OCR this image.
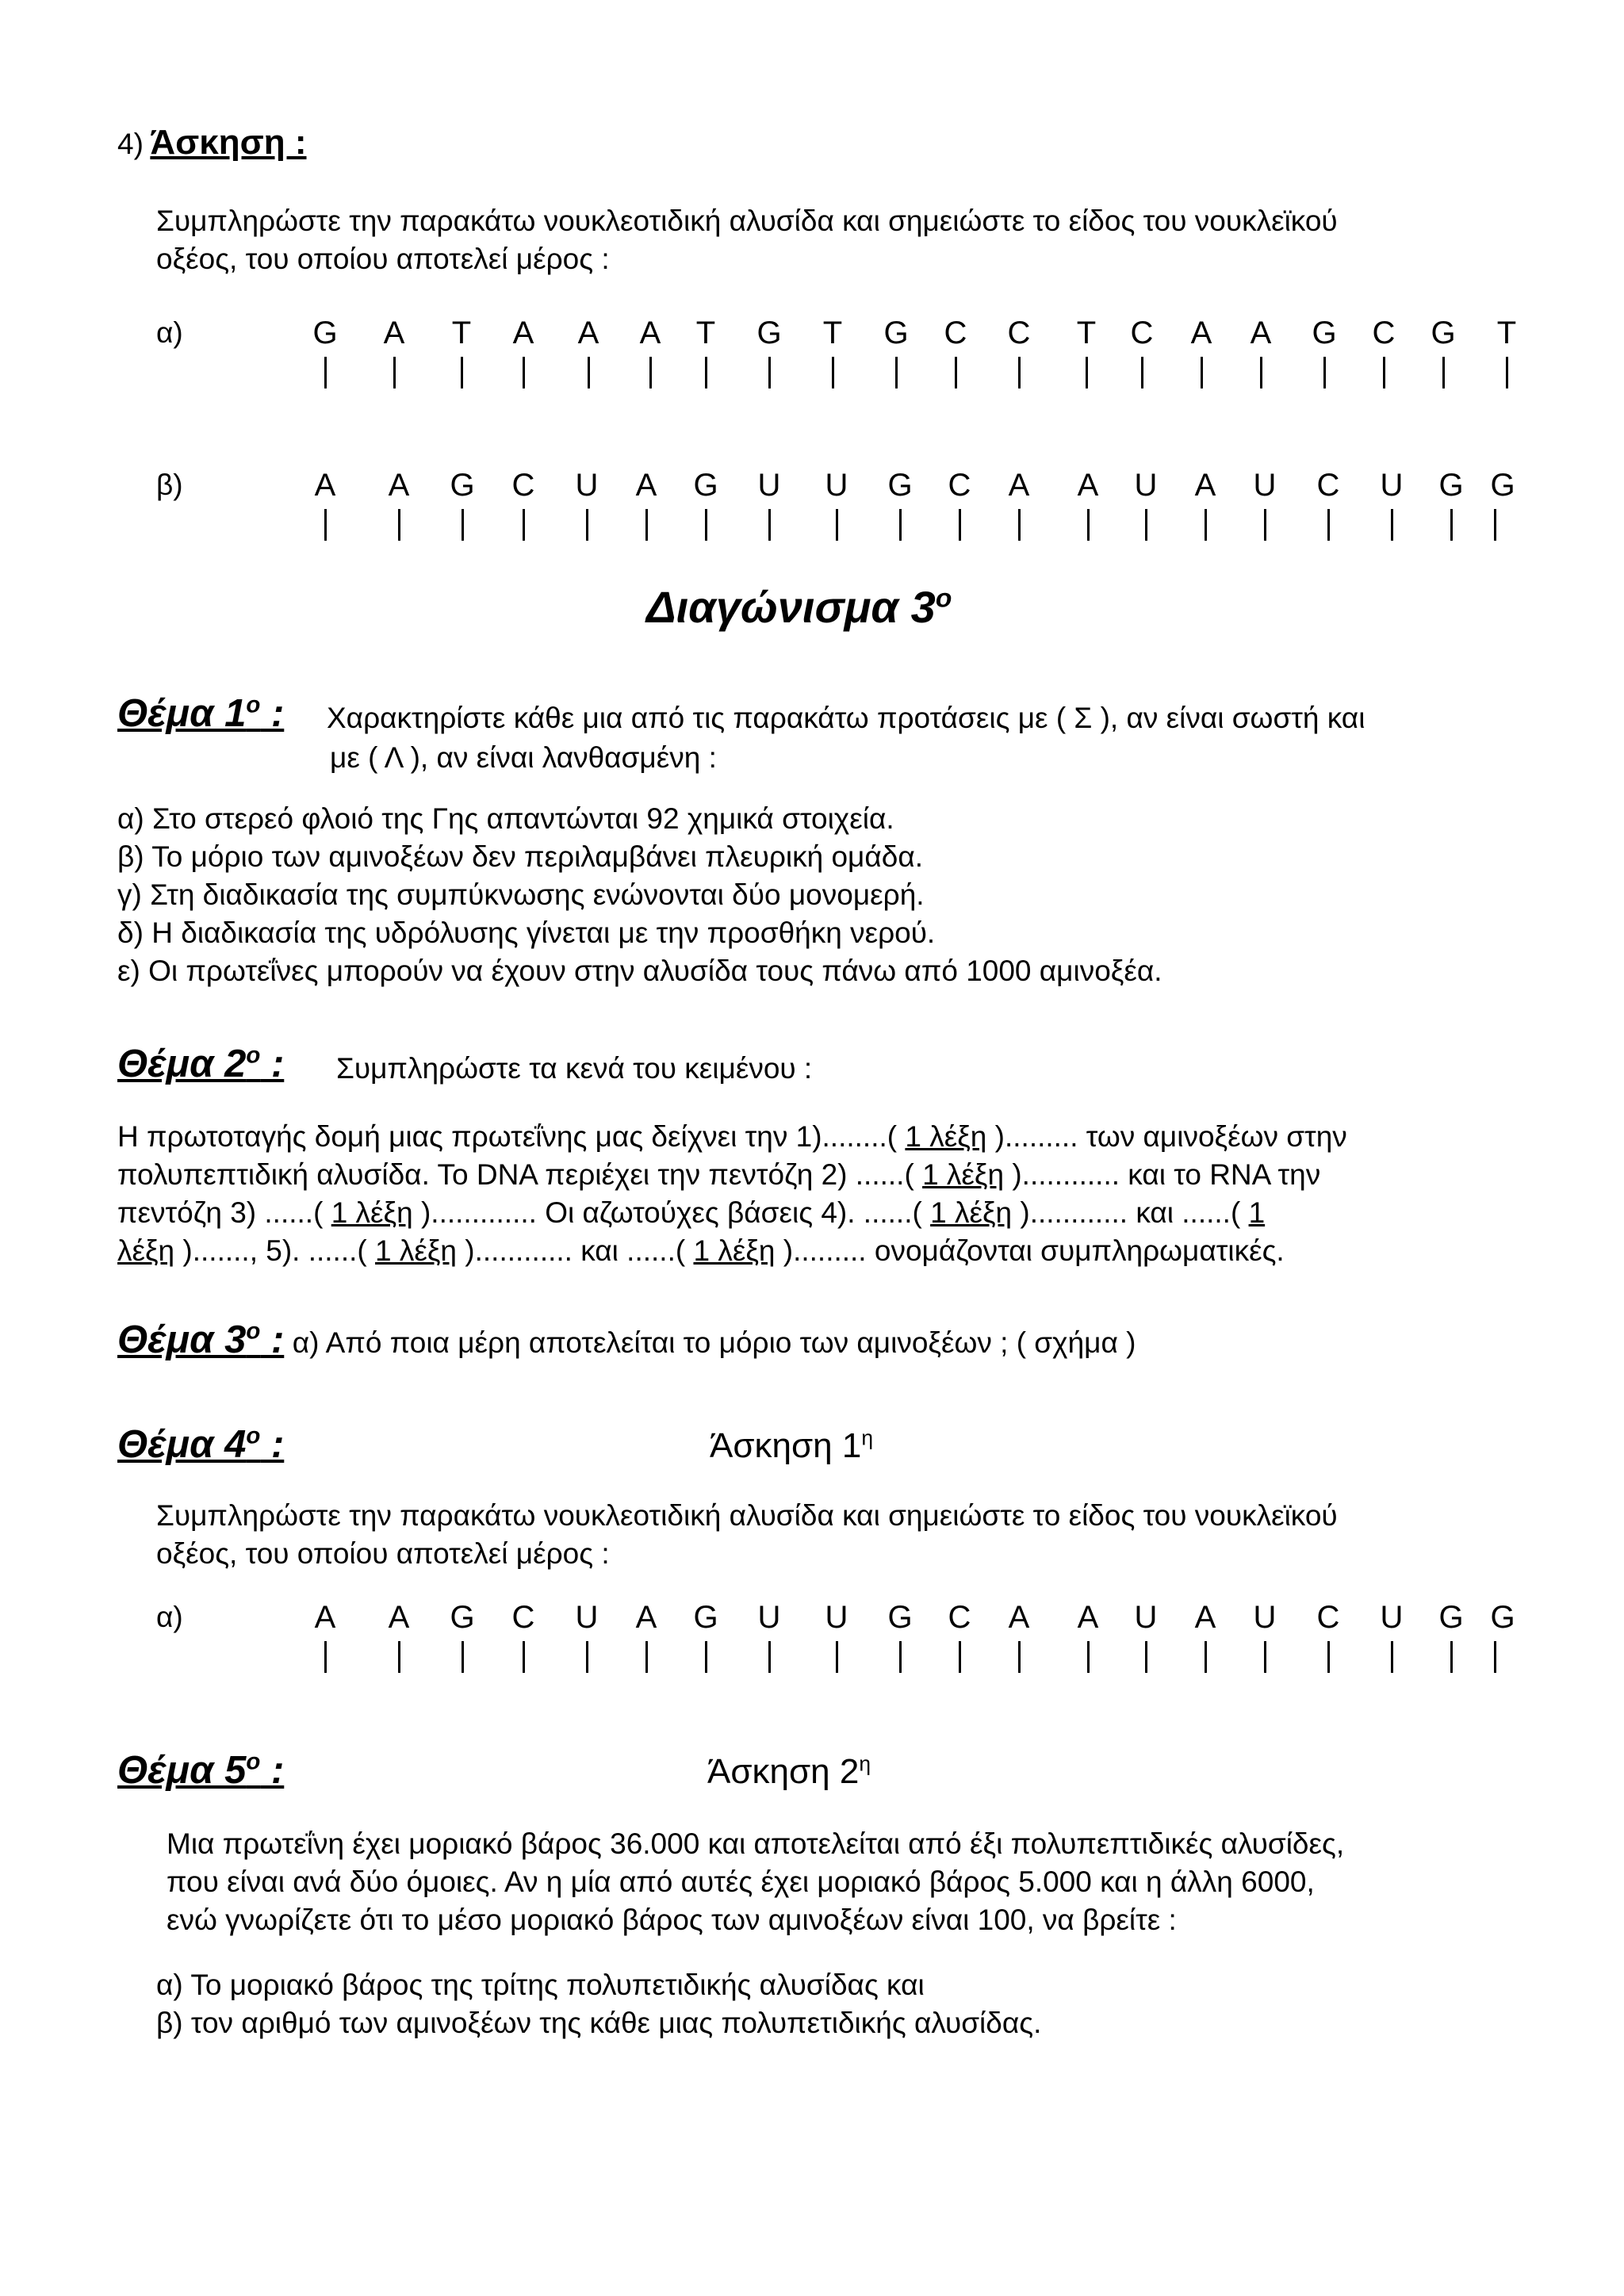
4) Άσκηση :
Συμπληρώστε την παρακάτω νουκλεοτιδική αλυσίδα και σημειώστε το είδος του νουκλεϊκού
οξέος, του οποίου αποτελεί μέρος :
α)	G A T A A A T G T G C C T C A A G C G T
β)	A A G C U A G U U G C A A U A U C U G G
Διαγώνισμα $3^o$
Θέμα $1^o$ : Χαρακτηρίστε κάθε μια από τις παρακάτω προτάσεις με ( Σ ), αν είναι σωστή και
με ( Λ ), αν είναι λανθασμένη :
α) Στο στερεό φλοιό της Γης απαντώνται 92 χημικά στοιχεία.
β) Το μόριο των αμινοξέων δεν περιλαμβάνει πλευρική ομάδα.
γ) Στη διαδικασία της συμπύκνωσης ενώνονται δύο μονομερή.
δ) Η διαδικασία της υδρόλυσης γίνεται με την προσθήκη νερού.
ε) Οι πρωτεΐνες μπορούν να έχουν στην αλυσίδα τους πάνω από 1000 αμινοξέα.
Θέμα $2^o$ : Συμπληρώστε τα κενά του κειμένου :
Η πρωτοταγής δομή μιας πρωτεΐνης μας δείχνει την 1)........( 1 λέξη )......... των αμινοξέων στην
πολυπεπτιδική αλυσίδα. Το DNA περιέχει την πεντόζη 2) ......( 1 λέξη )............ και το RNA την
πεντόζη 3) ......( 1 λέξη )............. Οι αζωτούχες βάσεις 4). ......( 1 λέξη )............ και ......( 1
λέξη )......., 5). ......( 1 λέξη )............ και ......( 1 λέξη )......... ονομάζονται συμπληρωματικές.
Θέμα $3^o$ : α) Από ποια μέρη αποτελείται το μόριο των αμινοξέων ; ( σχήμα )
Θέμα $4^o$ :	Άσκηση $1^\eta$
Συμπληρώστε την παρακάτω νουκλεοτιδική αλυσίδα και σημειώστε το είδος του νουκλεϊκού
οξέος, του οποίου αποτελεί μέρος :
α)	A A G C U A G U U G C A A U A U C U G G
Θέμα $5^o$ :	Άσκηση $2^\eta$
Μια πρωτεΐνη έχει μοριακό βάρος 36.000 και αποτελείται από έξι πολυπεπτιδικές αλυσίδες,
που είναι ανά δύο όμοιες. Αν η μία από αυτές έχει μοριακό βάρος 5.000 και η άλλη 6000,
ενώ γνωρίζετε ότι το μέσο μοριακό βάρος των αμινοξέων είναι 100, να βρείτε :
α) Το μοριακό βάρος της τρίτης πολυπετιδικής αλυσίδας και
β) τον αριθμό των αμινοξέων της κάθε μιας πολυπετιδικής αλυσίδας.
